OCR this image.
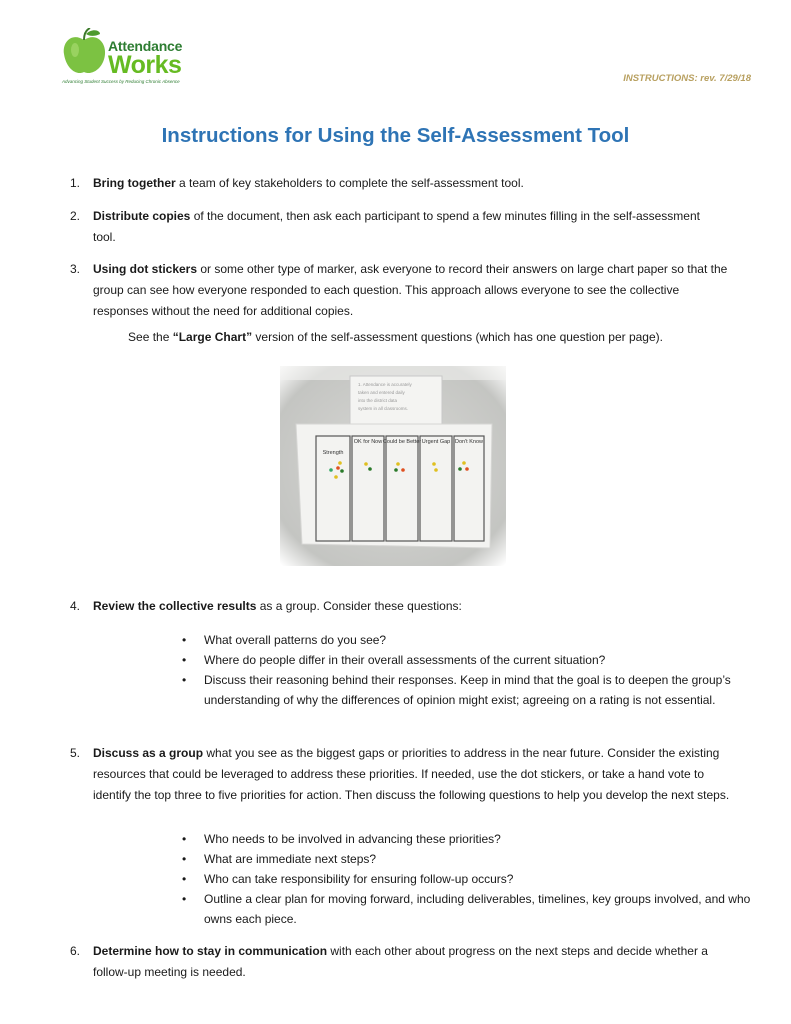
Attendance
Works
Advancing Student Success by Reducing Chronic Absence	INSTRUCTIONS: rev. 7/29/18
Instructions for Using the Self-Assessment Tool
1. Bring together a team of key stakeholders to complete the self-assessment tool.
2. Distribute copies of the document, then ask each participant to spend a few minutes filling in the self-assessment tool.
3. Using dot stickers or some other type of marker, ask everyone to record their answers on large chart paper so that the group can see how everyone responded to each question. This approach allows everyone to see the collective responses without the need for additional copies.
See the “Large Chart” version of the self-assessment questions (which has one question per page).
1. Attendance is accurately
taken and entered daily
into the district data
system in all classrooms.
Strength
OK for Now Could be Better Urgent Gap Don't Know
4. Review the collective results as a group. Consider these questions:
• What overall patterns do you see?
• Where do people differ in their overall assessments of the current situation?
• Discuss their reasoning behind their responses. Keep in mind that the goal is to deepen the group’s understanding of why the differences of opinion might exist; agreeing on a rating is not essential.
5. Discuss as a group what you see as the biggest gaps or priorities to address in the near future. Consider the existing resources that could be leveraged to address these priorities. If needed, use the dot stickers, or take a hand vote to identify the top three to five priorities for action. Then discuss the following questions to help you develop the next steps.
• Who needs to be involved in advancing these priorities?
• What are immediate next steps?
• Who can take responsibility for ensuring follow-up occurs?
• Outline a clear plan for moving forward, including deliverables, timelines, key groups involved, and who owns each piece.
6. Determine how to stay in communication with each other about progress on the next steps and decide whether a follow-up meeting is needed.
